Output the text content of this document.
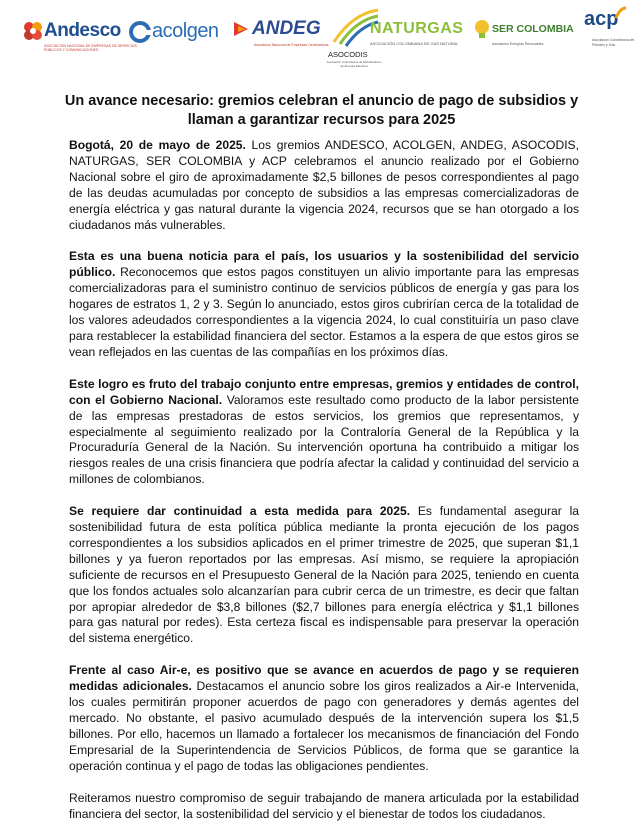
Andesco
ASOCIACIÓN NACIONAL DE EMPRESAS DE SERVICIOS PÚBLICOS Y COMUNICACIONES
acolgen ANDEG
Asociación Nacional de Empresas Generadoras
ASOCODIS
Asociación Colombiana de Distribuidores de Energía Eléctrica
NATURGAS
ASOCIACIÓN COLOMBIANA DE GAS NATURAL
SER COLOMBIA
Asociación Energías Renovables
acp
Asociación Colombiana del Petróleo y Gas
Un avance necesario: gremios celebran el anuncio de pago de subsidios y llaman a garantizar recursos para 2025

Bogotá, 20 de mayo de 2025. Los gremios ANDESCO, ACOLGEN, ANDEG, ASOCODIS, NATURGAS, SER COLOMBIA y ACP celebramos el anuncio realizado por el Gobierno Nacional sobre el giro de aproximadamente $2,5 billones de pesos correspondientes al pago de las deudas acumuladas por concepto de subsidios a las empresas comercializadoras de energía eléctrica y gas natural durante la vigencia 2024, recursos que se han otorgado a los ciudadanos más vulnerables.

Esta es una buena noticia para el país, los usuarios y la sostenibilidad del servicio público. Reconocemos que estos pagos constituyen un alivio importante para las empresas comercializadoras para el suministro continuo de servicios públicos de energía y gas para los hogares de estratos 1, 2 y 3. Según lo anunciado, estos giros cubrirían cerca de la totalidad de los valores adeudados correspondientes a la vigencia 2024, lo cual constituiría un paso clave para restablecer la estabilidad financiera del sector. Estamos a la espera de que estos giros se vean reflejados en las cuentas de las compañías en los próximos días.

Este logro es fruto del trabajo conjunto entre empresas, gremios y entidades de control, con el Gobierno Nacional. Valoramos este resultado como producto de la labor persistente de las empresas prestadoras de estos servicios, los gremios que representamos, y especialmente al seguimiento realizado por la Contraloría General de la República y la Procuraduría General de la Nación. Su intervención oportuna ha contribuido a mitigar los riesgos reales de una crisis financiera que podría afectar la calidad y continuidad del servicio a millones de colombianos.

Se requiere dar continuidad a esta medida para 2025. Es fundamental asegurar la sostenibilidad futura de esta política pública mediante la pronta ejecución de los pagos correspondientes a los subsidios aplicados en el primer trimestre de 2025, que superan $1,1 billones y ya fueron reportados por las empresas. Así mismo, se requiere la apropiación suficiente de recursos en el Presupuesto General de la Nación para 2025, teniendo en cuenta que los fondos actuales solo alcanzarían para cubrir cerca de un trimestre, es decir que faltan por apropiar alrededor de $3,8 billones ($2,7 billones para energía eléctrica y $1,1 billones para gas natural por redes). Esta certeza fiscal es indispensable para preservar la operación del sistema energético.

Frente al caso Air-e, es positivo que se avance en acuerdos de pago y se requieren medidas adicionales. Destacamos el anuncio sobre los giros realizados a Air-e Intervenida, los cuales permitirán proponer acuerdos de pago con generadores y demás agentes del mercado. No obstante, el pasivo acumulado después de la intervención supera los $1,5 billones. Por ello, hacemos un llamado a fortalecer los mecanismos de financiación del Fondo Empresarial de la Superintendencia de Servicios Públicos, de forma que se garantice la operación continua y el pago de todas las obligaciones pendientes.

Reiteramos nuestro compromiso de seguir trabajando de manera articulada por la estabilidad financiera del sector, la sostenibilidad del servicio y el bienestar de todos los ciudadanos.
